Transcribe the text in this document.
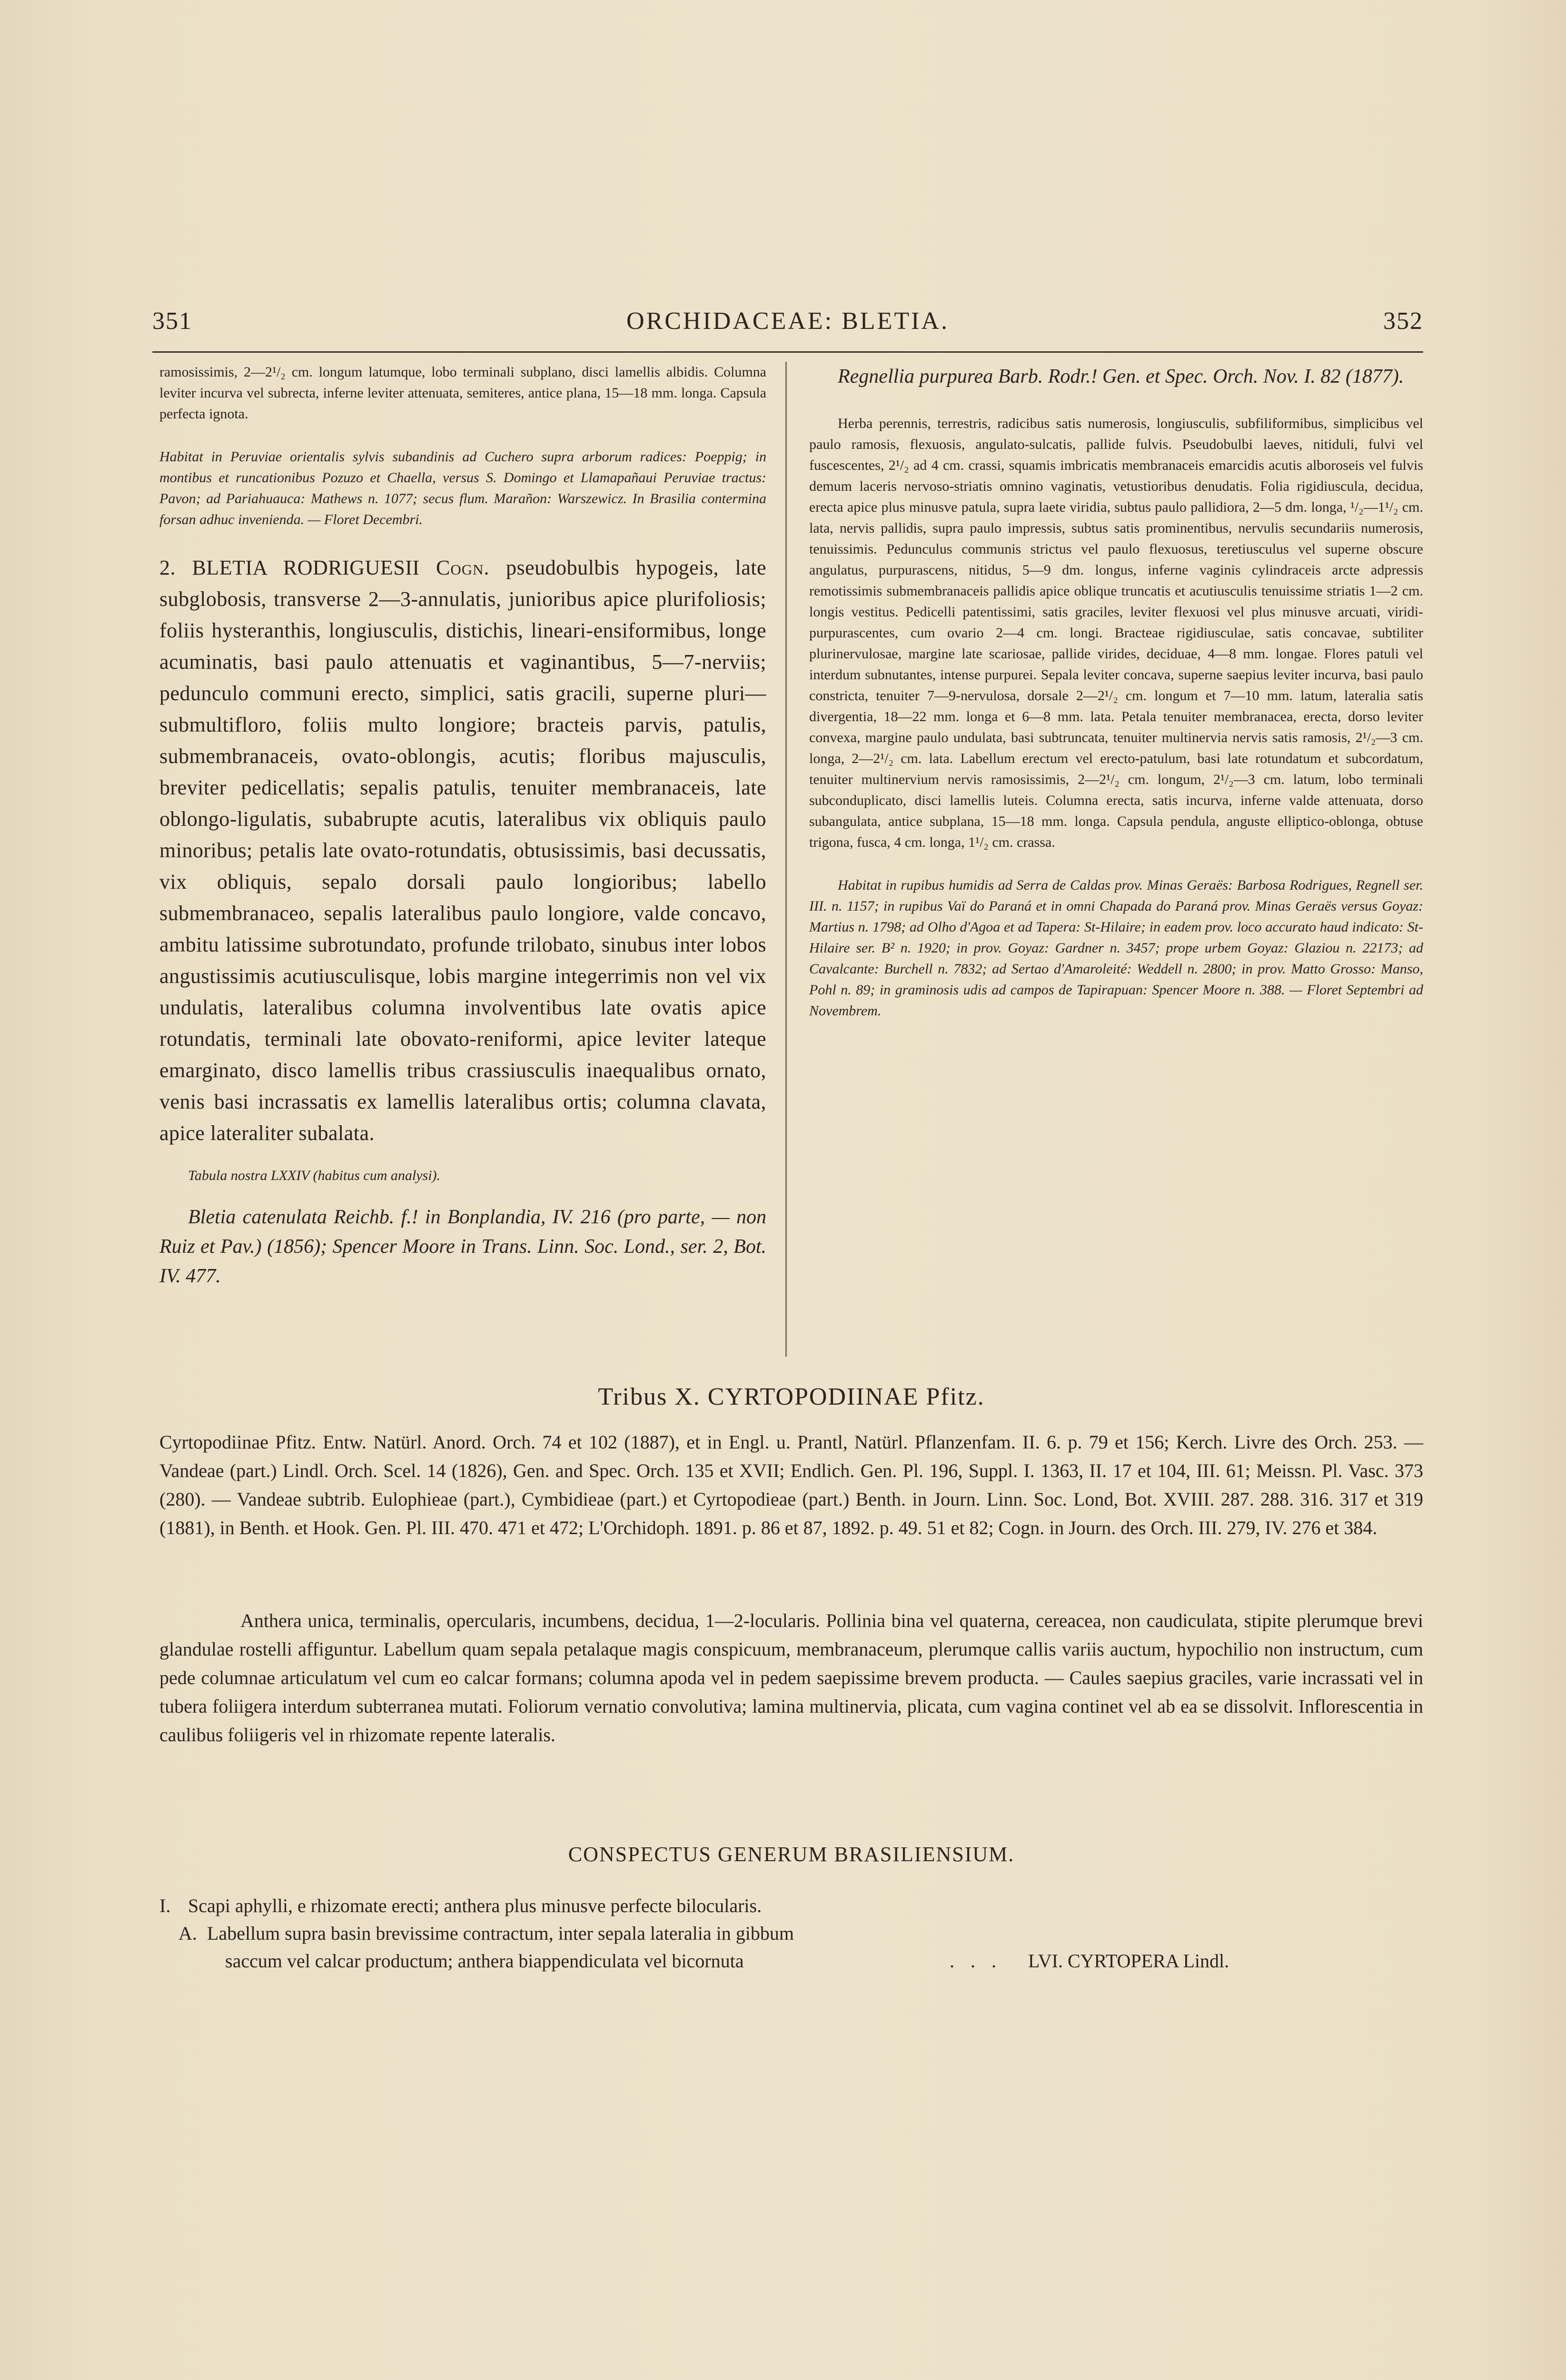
351	ORCHIDACEAE: BLETIA.	352

ramosissimis, 2—2¹/₂ cm. longum latumque, lobo terminali subplano, disci lamellis albidis. Columna leviter incurva vel subrecta, inferne leviter attenuata, semiteres, antice plana, 15—18 mm. longa. Capsula perfecta ignota.

Habitat in Peruviae orientalis sylvis subandinis ad Cuchero supra arborum radices: Poeppig; in montibus et runcationibus Pozuzo et Chaella, versus S. Domingo et Llamapañaui Peruviae tractus: Pavon; ad Pariahuauca: Mathews n. 1077; secus flum. Marañon: Warszewicz. In Brasilia contermina forsan adhuc invenienda. — Floret Decembri.

2. BLETIA RODRIGUESII Cogn. pseudobulbis hypogeis, late subglobosis, transverse 2—3-annulatis, junioribus apice plurifoliosis; foliis hysteranthis, longiusculis, distichis, lineari-ensiformibus, longe acuminatis, basi paulo attenuatis et vaginantibus, 5—7-nerviis; pedunculo communi erecto, simplici, satis gracili, superne pluri—submultifloro, foliis multo longiore; bracteis parvis, patulis, submembranaceis, ovato-oblongis, acutis; floribus majusculis, breviter pedicellatis; sepalis patulis, tenuiter membranaceis, late oblongo-ligulatis, subabrupte acutis, lateralibus vix obliquis paulo minoribus; petalis late ovato-rotundatis, obtusissimis, basi decussatis, vix obliquis, sepalo dorsali paulo longioribus; labello submembranaceo, sepalis lateralibus paulo longiore, valde concavo, ambitu latissime subrotundato, profunde trilobato, sinubus inter lobos angustissimis acutiusculisque, lobis margine integerrimis non vel vix undulatis, lateralibus columna involventibus late ovatis apice rotundatis, terminali late obovato-reniformi, apice leviter lateque emarginato, disco lamellis tribus crassiusculis inaequalibus ornato, venis basi incrassatis ex lamellis lateralibus ortis; columna clavata, apice lateraliter subalata.

Tabula nostra LXXIV (habitus cum analysi).

Bletia catenulata Reichb. f.! in Bonplandia, IV. 216 (pro parte, — non Ruiz et Pav.) (1856); Spencer Moore in Trans. Linn. Soc. Lond., ser. 2, Bot. IV. 477.

Regnellia purpurea Barb. Rodr.! Gen. et Spec. Orch. Nov. I. 82 (1877).

Herba perennis, terrestris, radicibus satis numerosis, longiusculis, subfiliformibus, simplicibus vel paulo ramosis, flexuosis, angulato-sulcatis, pallide fulvis. Pseudobulbi laeves, nitiduli, fulvi vel fuscescentes, 2¹/₂ ad 4 cm. crassi, squamis imbricatis membranaceis emarcidis acutis alboroseis vel fulvis demum laceris nervoso-striatis omnino vaginatis, vetustioribus denudatis. Folia rigidiuscula, decidua, erecta apice plus minusve patula, supra laete viridia, subtus paulo pallidiora, 2—5 dm. longa, ¹/₂—1¹/₂ cm. lata, nervis pallidis, supra paulo impressis, subtus satis prominentibus, nervulis secundariis numerosis, tenuissimis. Pedunculus communis strictus vel paulo flexuosus, teretiusculus vel superne obscure angulatus, purpurascens, nitidus, 5—9 dm. longus, inferne vaginis cylindraceis arcte adpressis remotissimis submembranaceis pallidis apice oblique truncatis et acutiusculis tenuissime striatis 1—2 cm. longis vestitus. Pedicelli patentissimi, satis graciles, leviter flexuosi vel plus minusve arcuati, viridi-purpurascentes, cum ovario 2—4 cm. longi. Bracteae rigidiusculae, satis concavae, subtiliter plurinervulosae, margine late scariosae, pallide virides, deciduae, 4—8 mm. longae. Flores patuli vel interdum subnutantes, intense purpurei. Sepala leviter concava, superne saepius leviter incurva, basi paulo constricta, tenuiter 7—9-nervulosa, dorsale 2—2¹/₂ cm. longum et 7—10 mm. latum, lateralia satis divergentia, 18—22 mm. longa et 6—8 mm. lata. Petala tenuiter membranacea, erecta, dorso leviter convexa, margine paulo undulata, basi subtruncata, tenuiter multinervia nervis satis ramosis, 2¹/₂—3 cm. longa, 2—2¹/₂ cm. lata. Labellum erectum vel erecto-patulum, basi late rotundatum et subcordatum, tenuiter multinervium nervis ramosissimis, 2—2¹/₂ cm. longum, 2¹/₂—3 cm. latum, lobo terminali subconduplicato, disci lamellis luteis. Columna erecta, satis incurva, inferne valde attenuata, dorso subangulata, antice subplana, 15—18 mm. longa. Capsula pendula, anguste elliptico-oblonga, obtuse trigona, fusca, 4 cm. longa, 1¹/₂ cm. crassa.

Habitat in rupibus humidis ad Serra de Caldas prov. Minas Geraës: Barbosa Rodrigues, Regnell ser. III. n. 1157; in rupibus Vaï do Paraná et in omni Chapada do Paraná prov. Minas Geraës versus Goyaz: Martius n. 1798; ad Olho d'Agoa et ad Tapera: St-Hilaire; in eadem prov. loco accurato haud indicato: St-Hilaire ser. B² n. 1920; in prov. Goyaz: Gardner n. 3457; prope urbem Goyaz: Glaziou n. 22173; ad Cavalcante: Burchell n. 7832; ad Sertao d'Amaroleité: Weddell n. 2800; in prov. Matto Grosso: Manso, Pohl n. 89; in graminosis udis ad campos de Tapirapuan: Spencer Moore n. 388. — Floret Septembri ad Novembrem.

Tribus X. CYRTOPODIINAE Pfitz.
Cyrtopodiinae Pfitz. Entw. Natürl. Anord. Orch. 74 et 102 (1887), et in Engl. u. Prantl, Natürl. Pflanzenfam. II. 6. p. 79 et 156; Kerch. Livre des Orch. 253. — Vandeae (part.) Lindl. Orch. Scel. 14 (1826), Gen. and Spec. Orch. 135 et XVII; Endlich. Gen. Pl. 196, Suppl. I. 1363, II. 17 et 104, III. 61; Meissn. Pl. Vasc. 373 (280). — Vandeae subtrib. Eulophieae (part.), Cymbidieae (part.) et Cyrtopodieae (part.) Benth. in Journ. Linn. Soc. Lond, Bot. XVIII. 287. 288. 316. 317 et 319 (1881), in Benth. et Hook. Gen. Pl. III. 470. 471 et 472; L'Orchidoph. 1891. p. 86 et 87, 1892. p. 49. 51 et 82; Cogn. in Journ. des Orch. III. 279, IV. 276 et 384.
Anthera unica, terminalis, opercularis, incumbens, decidua, 1—2-locularis. Pollinia bina vel quaterna, cereacea, non caudiculata, stipite plerumque brevi glandulae rostelli affiguntur. Labellum quam sepala petalaque magis conspicuum, membranaceum, plerumque callis variis auctum, hypochilio non instructum, cum pede columnae articulatum vel cum eo calcar formans; columna apoda vel in pedem saepissime brevem producta. — Caules saepius graciles, varie incrassati vel in tubera foliigera interdum subterranea mutati. Foliorum vernatio convolutiva; lamina multinervia, plicata, cum vagina continet vel ab ea se dissolvit. Inflorescentia in caulibus foliigeris vel in rhizomate repente lateralis.
CONSPECTUS GENERUM BRASILIENSIUM.
I. Scapi aphylli, e rhizomate erecti; anthera plus minusve perfecte bilocularis.
A. Labellum supra basin brevissime contractum, inter sepala lateralia in gibbum
saccum vel calcar productum; anthera biappendiculata vel bicornuta	. . . LVI. CYRTOPERA Lindl.
